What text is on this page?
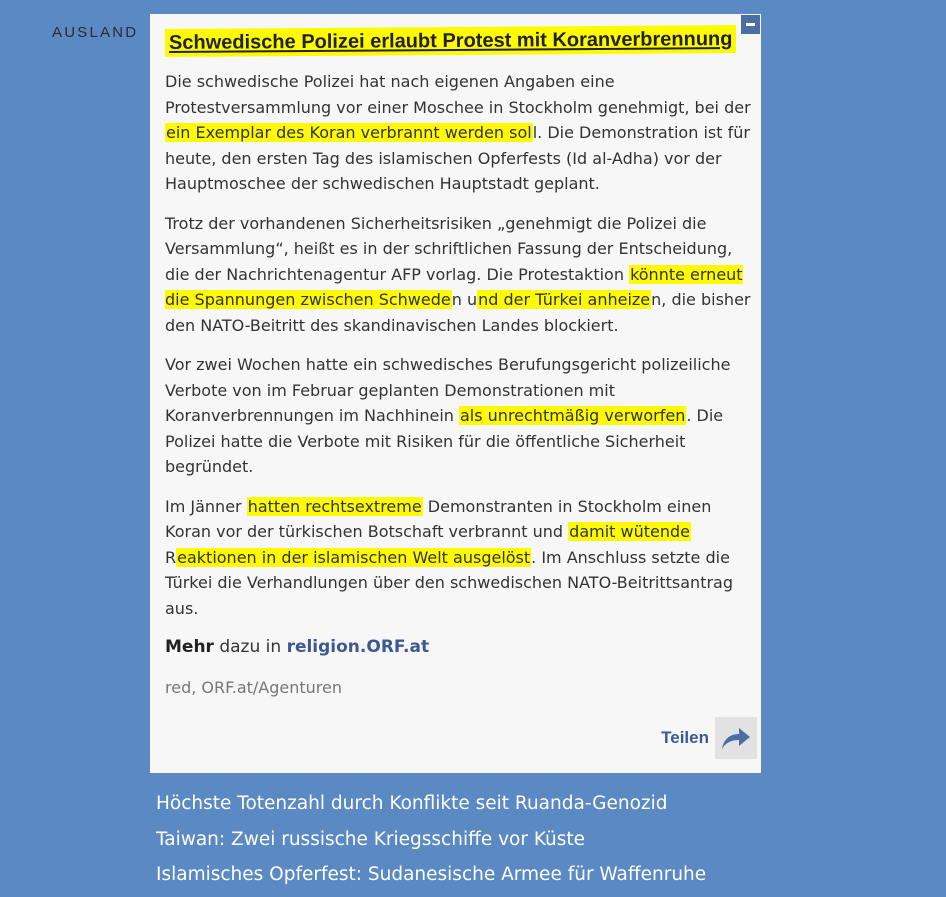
AUSLAND Schwedische Polizei erlaubt Protest mit Koranverbrennung

Die schwedische Polizei hat nach eigenen Angaben eine Protestversammlung vor einer Moschee in Stockholm genehmigt, bei der ein Exemplar des Koran verbrannt werden soll. Die Demonstration ist für heute, den ersten Tag des islamischen Opferfests (Id al-Adha) vor der Hauptmoschee der schwedischen Hauptstadt geplant.

Trotz der vorhandenen Sicherheitsrisiken „genehmigt die Polizei die Versammlung“, heißt es in der schriftlichen Fassung der Entscheidung, die der Nachrichtenagentur AFP vorlag. Die Protestaktion könnte erneut die Spannungen zwischen Schweden und der Türkei anheizen, die bisher den NATO-Beitritt des skandinavischen Landes blockiert.

Vor zwei Wochen hatte ein schwedisches Berufungsgericht polizeiliche Verbote von im Februar geplanten Demonstrationen mit Koranverbrennungen im Nachhinein als unrechtmäßig verworfen. Die Polizei hatte die Verbote mit Risiken für die öffentliche Sicherheit begründet.

Im Jänner hatten rechtsextreme Demonstranten in Stockholm einen Koran vor der türkischen Botschaft verbrannt und damit wütende Reaktionen in der islamischen Welt ausgelöst. Im Anschluss setzte die Türkei die Verhandlungen über den schwedischen NATO-Beitrittsantrag aus.

Mehr dazu in religion.ORF.at

red, ORF.at/Agenturen

Teilen
Höchste Totenzahl durch Konflikte seit Ruanda-Genozid
Taiwan: Zwei russische Kriegsschiffe vor Küste
Islamisches Opferfest: Sudanesische Armee für Waffenruhe
